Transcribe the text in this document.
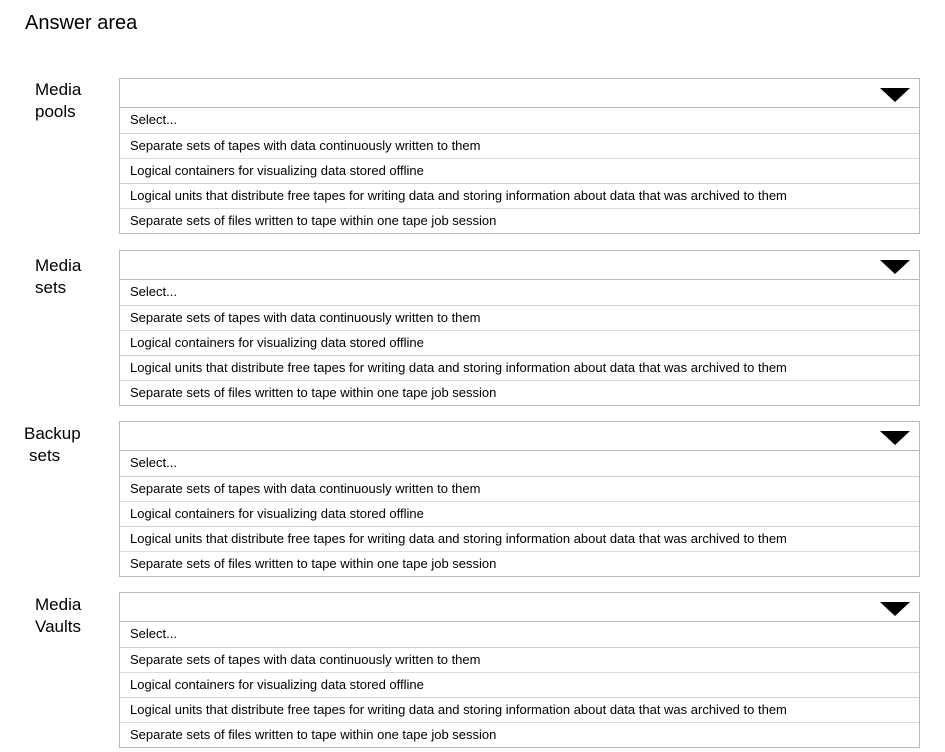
Answer area
Media
pools	Select...
Separate sets of tapes with data continuously written to them
Logical containers for visualizing data stored offline
Logical units that distribute free tapes for writing data and storing information about data that was archived to them
Separate sets of files written to tape within one tape job session
Media
sets	Select...
Separate sets of tapes with data continuously written to them
Logical containers for visualizing data stored offline
Logical units that distribute free tapes for writing data and storing information about data that was archived to them
Separate sets of files written to tape within one tape job session
Backup
sets	Select...
Separate sets of tapes with data continuously written to them
Logical containers for visualizing data stored offline
Logical units that distribute free tapes for writing data and storing information about data that was archived to them
Separate sets of files written to tape within one tape job session
Media
Vaults	Select...
Separate sets of tapes with data continuously written to them
Logical containers for visualizing data stored offline
Logical units that distribute free tapes for writing data and storing information about data that was archived to them
Separate sets of files written to tape within one tape job session
